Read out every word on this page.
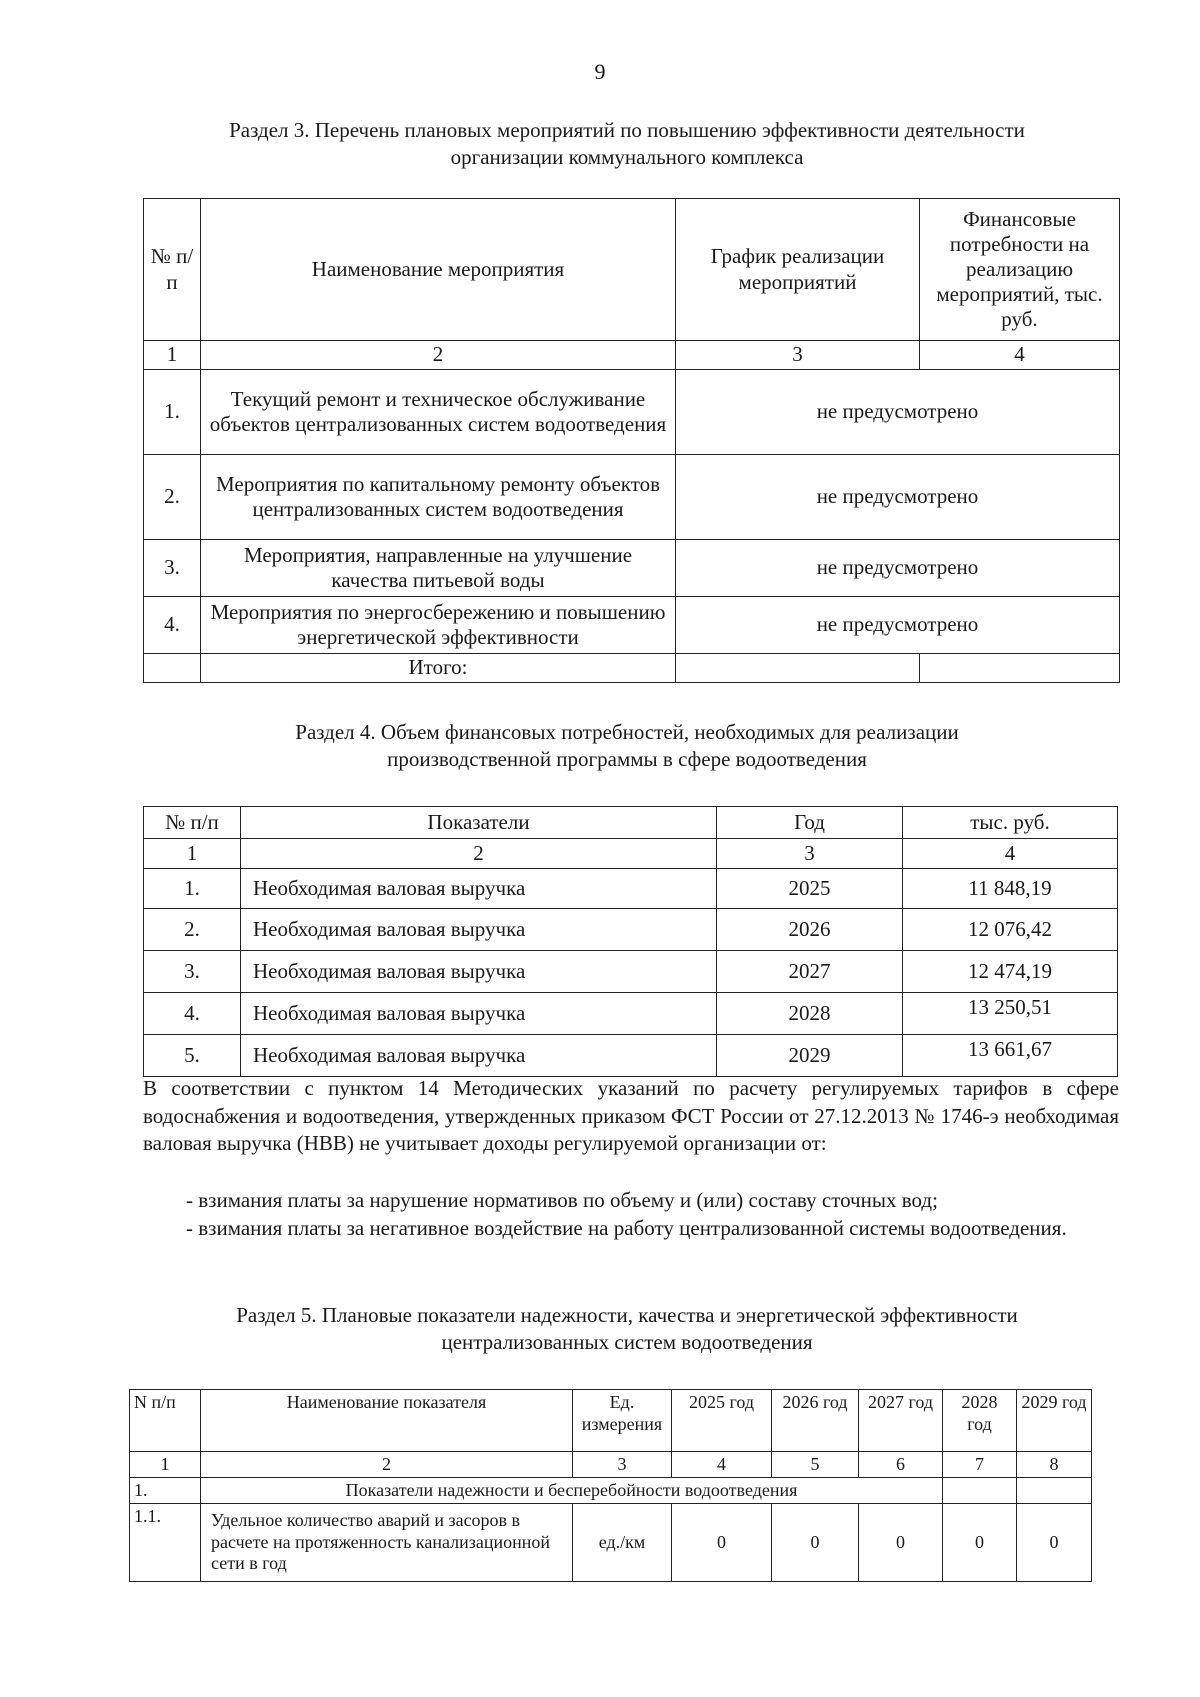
9
Раздел 3. Перечень плановых мероприятий по повышению эффективности деятельности
организации коммунального комплекса
№ п/п	Наименование мероприятия	График реализации мероприятий	Финансовые потребности на реализацию мероприятий, тыс. руб.
1	2	3	4
1.	Текущий ремонт и техническое обслуживание объектов централизованных систем водоотведения	не предусмотрено	
2.	Мероприятия по капитальному ремонту объектов централизованных систем водоотведения	не предусмотрено	
3.	Мероприятия, направленные на улучшение качества питьевой воды	не предусмотрено	
4.	Мероприятия по энергосбережению и повышению энергетической эффективности	не предусмотрено	
	Итого:		
Раздел 4. Объем финансовых потребностей, необходимых для реализации
производственной программы в сфере водоотведения
№ п/п	Показатели	Год	тыс. руб.
1	2	3	4
1.	Необходимая валовая выручка	2025	11 848,19
2.	Необходимая валовая выручка	2026	12 076,42
3.	Необходимая валовая выручка	2027	12 474,19
4.	Необходимая валовая выручка	2028	13 250,51
5.	Необходимая валовая выручка	2029	13 661,67
В соответствии с пунктом 14 Методических указаний по расчету регулируемых тарифов в сфере водоснабжения и водоотведения, утвержденных приказом ФСТ России от 27.12.2013 № 1746-э необходимая валовая выручка (НВВ) не учитывает доходы регулируемой организации от:
- взимания платы за нарушение нормативов по объему и (или) составу сточных вод;
- взимания платы за негативное воздействие на работу централизованной системы водоотведения.
Раздел 5. Плановые показатели надежности, качества и энергетической эффективности
централизованных систем водоотведения
N п/п	Наименование показателя	Ед. измерения	2025 год	2026 год	2027 год	2028 год	2029 год
1	2	3	4	5	6	7	8
1.	Показатели надежности и бесперебойности водоотведения						
1.1.	Удельное количество аварий и засоров в расчете на протяженность канализационной сети в год	ед./км	0	0	0	0	0
